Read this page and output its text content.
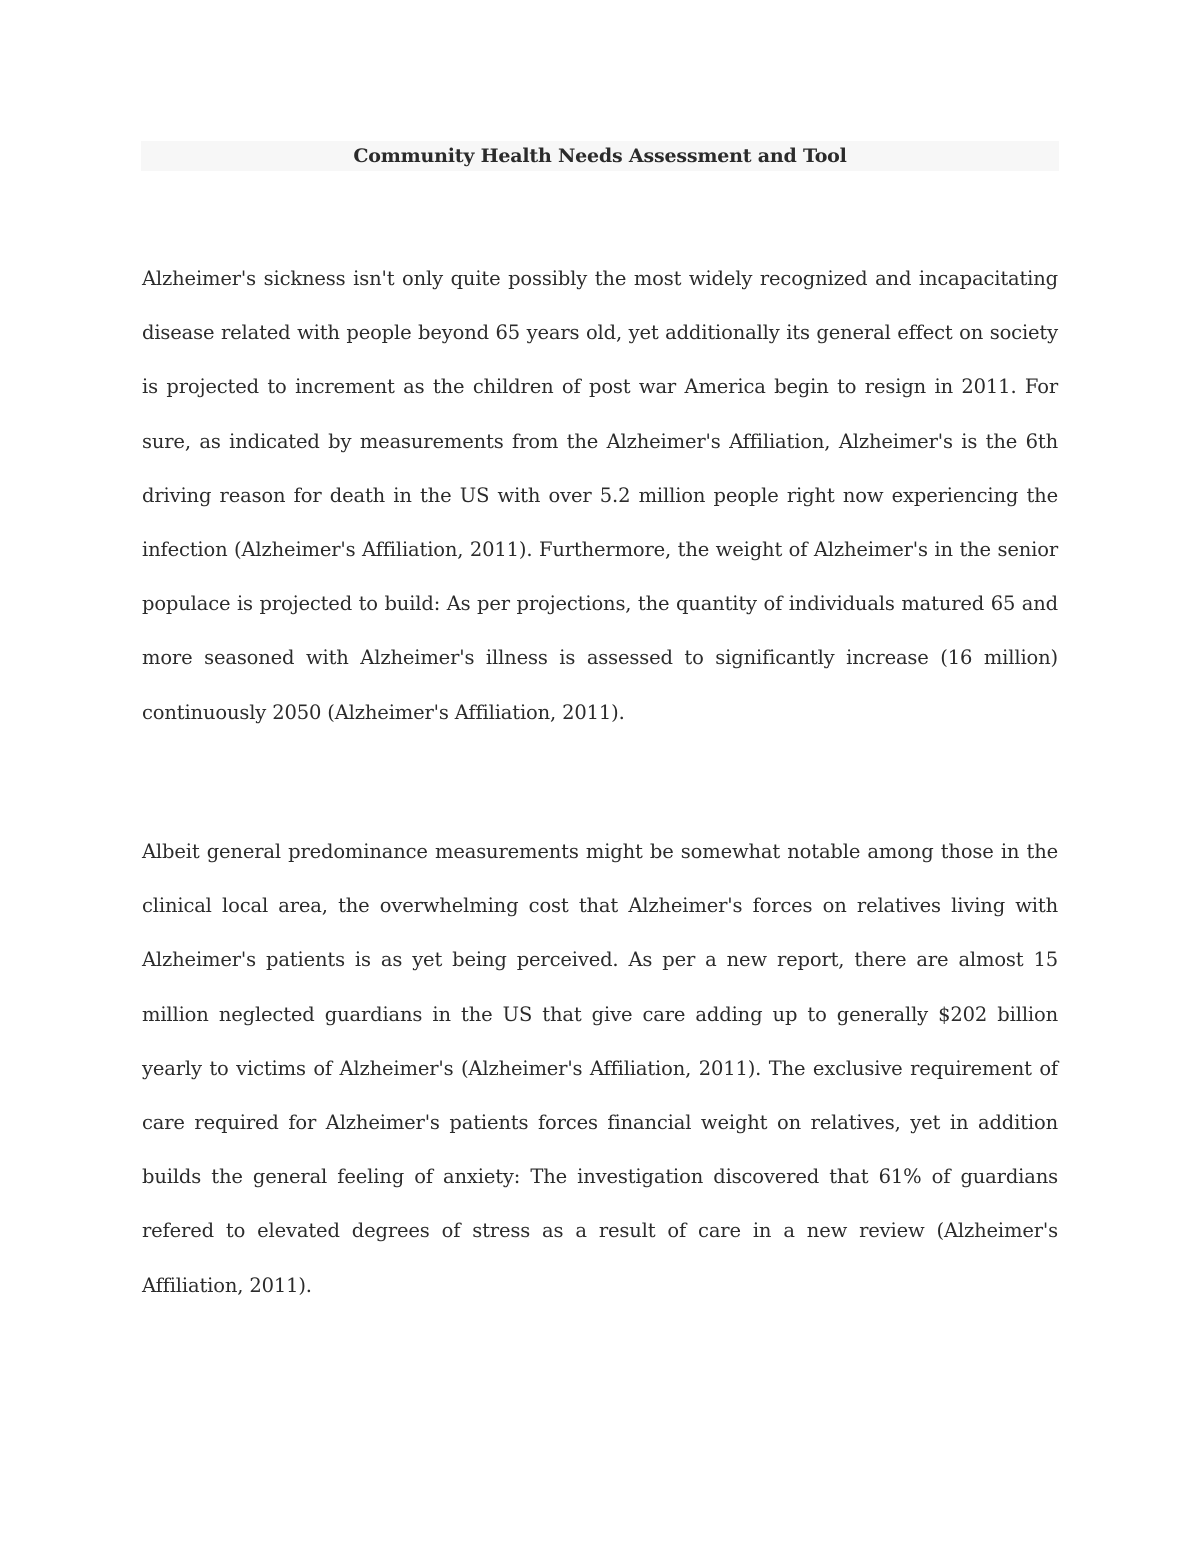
Community Health Needs Assessment and Tool

Alzheimer's sickness isn't only quite possibly the most widely recognized and incapacitating disease related with people beyond 65 years old, yet additionally its general effect on society is projected to increment as the children of post war America begin to resign in 2011. For sure, as indicated by measurements from the Alzheimer's Affiliation, Alzheimer's is the 6th driving reason for death in the US with over 5.2 million people right now experiencing the infection (Alzheimer's Affiliation, 2011). Furthermore, the weight of Alzheimer's in the senior populace is projected to build: As per projections, the quantity of individuals matured 65 and more seasoned with Alzheimer's illness is assessed to significantly increase (16 million) continuously 2050 (Alzheimer's Affiliation, 2011).

Albeit general predominance measurements might be somewhat notable among those in the clinical local area, the overwhelming cost that Alzheimer's forces on relatives living with Alzheimer's patients is as yet being perceived. As per a new report, there are almost 15 million neglected guardians in the US that give care adding up to generally $202 billion yearly to victims of Alzheimer's (Alzheimer's Affiliation, 2011). The exclusive requirement of care required for Alzheimer's patients forces financial weight on relatives, yet in addition builds the general feeling of anxiety: The investigation discovered that 61% of guardians refered to elevated degrees of stress as a result of care in a new review (Alzheimer's Affiliation, 2011).
